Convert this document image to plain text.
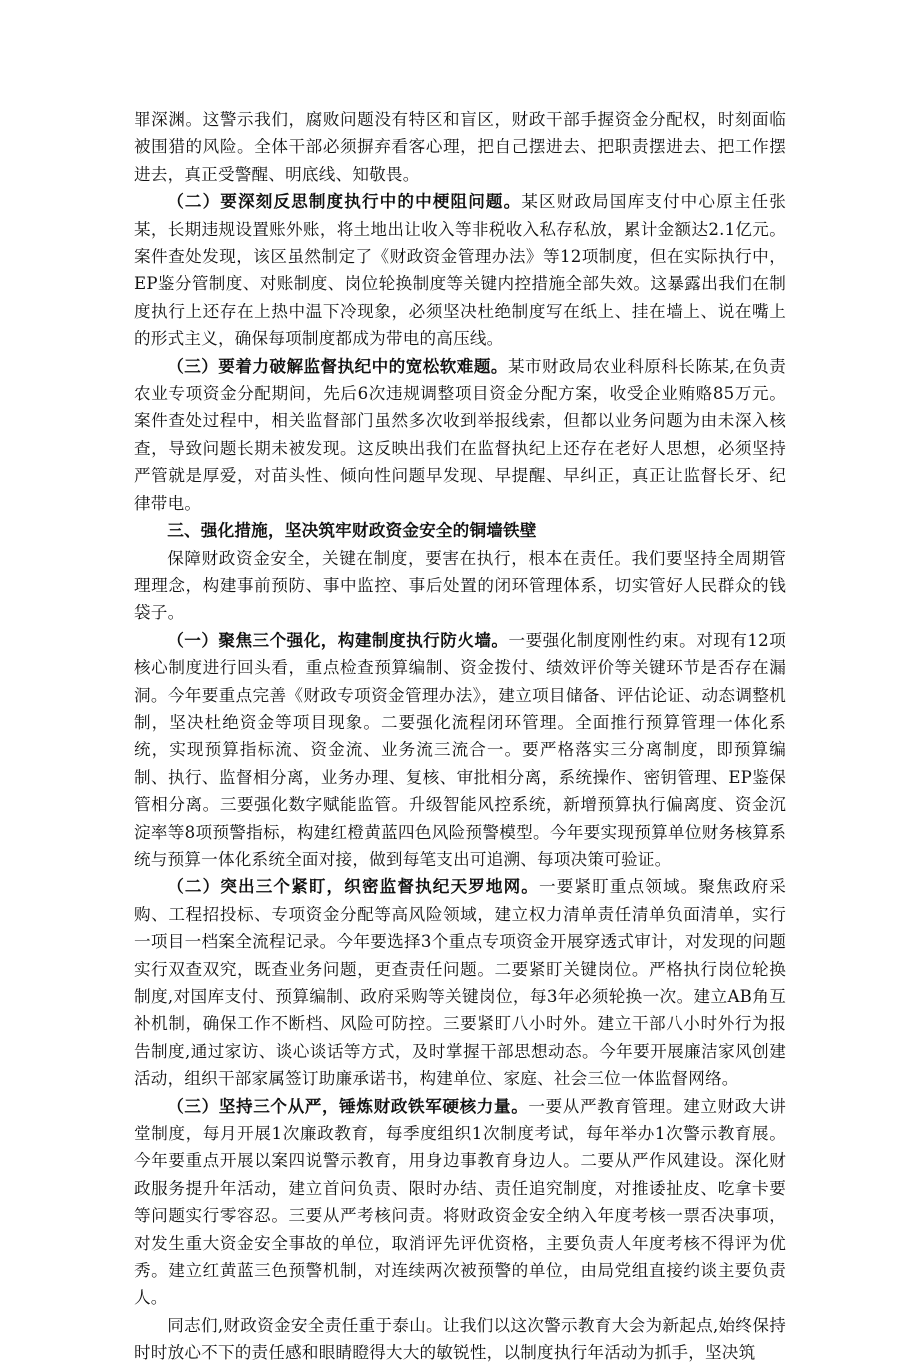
罪深渊。这警示我们，腐败问题没有特区和盲区，财政干部手握资金分配权，时刻面临被围猎的风险。全体干部必须摒弃看客心理，把自己摆进去、把职责摆进去、把工作摆进去，真正受警醒、明底线、知敬畏。

（二）要深刻反思制度执行中的中梗阻问题。某区财政局国库支付中心原主任张某，长期违规设置账外账，将土地出让收入等非税收入私存私放，累计金额达2.1亿元。案件查处发现，该区虽然制定了《财政资金管理办法》等12项制度，但在实际执行中，EP鉴分管制度、对账制度、岗位轮换制度等关键内控措施全部失效。这暴露出我们在制度执行上还存在上热中温下冷现象，必须坚决杜绝制度写在纸上、挂在墙上、说在嘴上的形式主义，确保每项制度都成为带电的高压线。

（三）要着力破解监督执纪中的宽松软难题。某市财政局农业科原科长陈某,在负责农业专项资金分配期间，先后6次违规调整项目资金分配方案，收受企业贿赂85万元。案件查处过程中，相关监督部门虽然多次收到举报线索，但都以业务问题为由未深入核查，导致问题长期未被发现。这反映出我们在监督执纪上还存在老好人思想，必须坚持严管就是厚爱，对苗头性、倾向性问题早发现、早提醒、早纠正，真正让监督长牙、纪律带电。

三、强化措施，坚决筑牢财政资金安全的铜墙铁壁

保障财政资金安全，关键在制度，要害在执行，根本在责任。我们要坚持全周期管理理念，构建事前预防、事中监控、事后处置的闭环管理体系，切实管好人民群众的钱袋子。

（一）聚焦三个强化，构建制度执行防火墙。一要强化制度刚性约束。对现有12项核心制度进行回头看，重点检查预算编制、资金拨付、绩效评价等关键环节是否存在漏洞。今年要重点完善《财政专项资金管理办法》，建立项目储备、评估论证、动态调整机制，坚决杜绝资金等项目现象。二要强化流程闭环管理。全面推行预算管理一体化系统，实现预算指标流、资金流、业务流三流合一。要严格落实三分离制度，即预算编制、执行、监督相分离，业务办理、复核、审批相分离，系统操作、密钥管理、EP鉴保管相分离。三要强化数字赋能监管。升级智能风控系统，新增预算执行偏离度、资金沉淀率等8项预警指标，构建红橙黄蓝四色风险预警模型。今年要实现预算单位财务核算系统与预算一体化系统全面对接，做到每笔支出可追溯、每项决策可验证。

（二）突出三个紧盯，织密监督执纪天罗地网。一要紧盯重点领域。聚焦政府采购、工程招投标、专项资金分配等高风险领域，建立权力清单责任清单负面清单，实行一项目一档案全流程记录。今年要选择3个重点专项资金开展穿透式审计，对发现的问题实行双查双究，既查业务问题，更查责任问题。二要紧盯关键岗位。严格执行岗位轮换制度,对国库支付、预算编制、政府采购等关键岗位，每3年必须轮换一次。建立AB角互补机制，确保工作不断档、风险可防控。三要紧盯八小时外。建立干部八小时外行为报告制度,通过家访、谈心谈话等方式，及时掌握干部思想动态。今年要开展廉洁家风创建活动，组织干部家属签订助廉承诺书，构建单位、家庭、社会三位一体监督网络。

（三）坚持三个从严，锤炼财政铁军硬核力量。一要从严教育管理。建立财政大讲堂制度，每月开展1次廉政教育，每季度组织1次制度考试，每年举办1次警示教育展。今年要重点开展以案四说警示教育，用身边事教育身边人。二要从严作风建设。深化财政服务提升年活动，建立首问负责、限时办结、责任追究制度，对推诿扯皮、吃拿卡要等问题实行零容忍。三要从严考核问责。将财政资金安全纳入年度考核一票否决事项，对发生重大资金安全事故的单位，取消评先评优资格，主要负责人年度考核不得评为优秀。建立红黄蓝三色预警机制，对连续两次被预警的单位，由局党组直接约谈主要负责人。

同志们,财政资金安全责任重于泰山。让我们以这次警示教育大会为新起点,始终保持时时放心不下的责任感和眼睛瞪得大大的敏锐性，以制度执行年活动为抓手，坚决筑
